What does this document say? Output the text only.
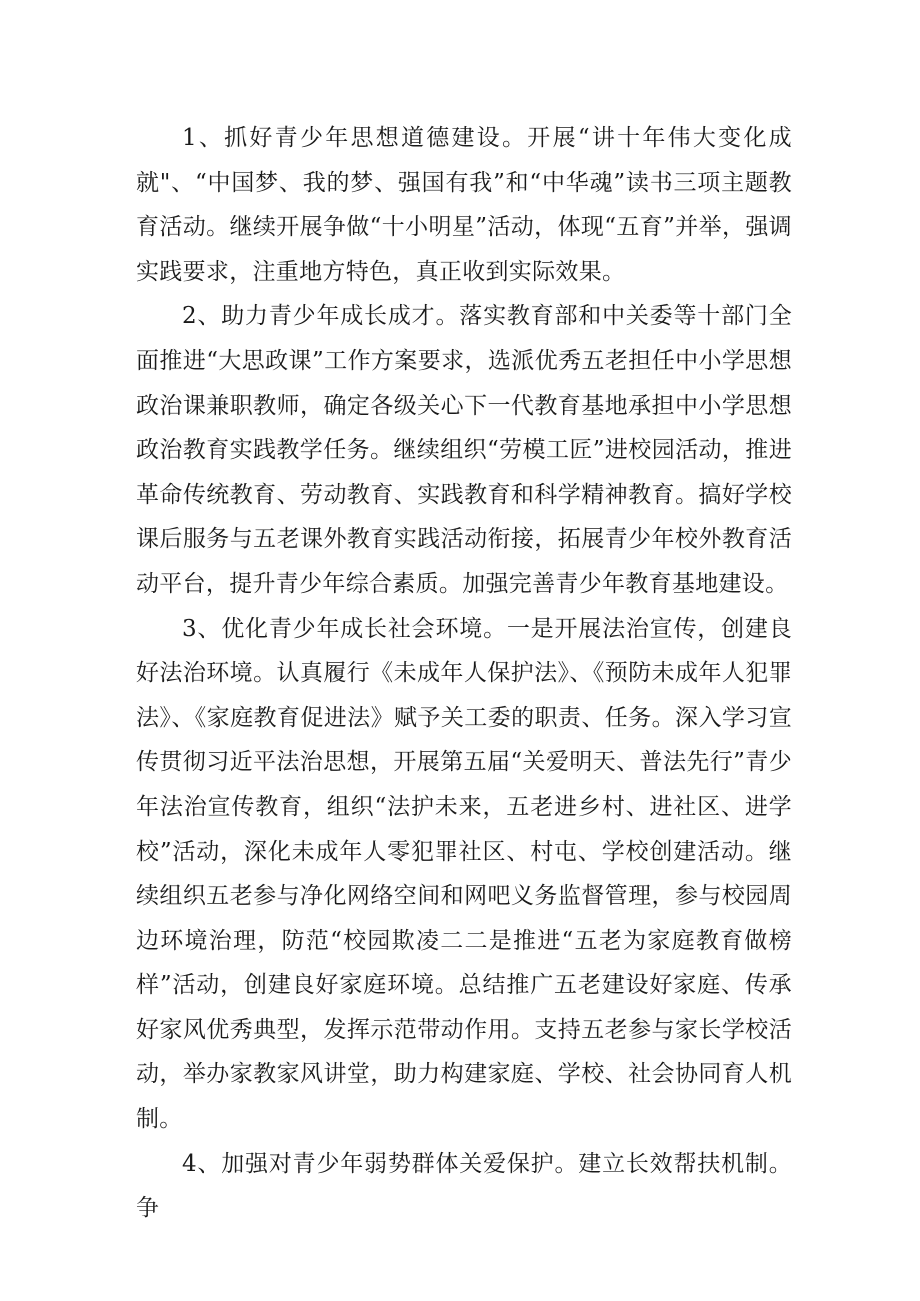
1、抓好青少年思想道德建设。开展“讲十年伟大变化成就"、“中国梦、我的梦、强国有我”和“中华魂”读书三项主题教育活动。继续开展争做“十小明星”活动，体现“五育”并举，强调实践要求，注重地方特色，真正收到实际效果。

2、助力青少年成长成才。落实教育部和中关委等十部门全面推进“大思政课”工作方案要求，选派优秀五老担任中小学思想政治课兼职教师，确定各级关心下一代教育基地承担中小学思想政治教育实践教学任务。继续组织“劳模工匠”进校园活动，推进革命传统教育、劳动教育、实践教育和科学精神教育。搞好学校课后服务与五老课外教育实践活动衔接，拓展青少年校外教育活动平台，提升青少年综合素质。加强完善青少年教育基地建设。

3、优化青少年成长社会环境。一是开展法治宣传，创建良好法治环境。认真履行《未成年人保护法》、《预防未成年人犯罪法》、《家庭教育促进法》赋予关工委的职责、任务。深入学习宣传贯彻习近平法治思想，开展第五届“关爱明天、普法先行”青少年法治宣传教育，组织“法护未来，五老进乡村、进社区、进学校”活动，深化未成年人零犯罪社区、村屯、学校创建活动。继续组织五老参与净化网络空间和网吧义务监督管理，参与校园周边环境治理，防范“校园欺凌二二是推进“五老为家庭教育做榜样”活动，创建良好家庭环境。总结推广五老建设好家庭、传承好家风优秀典型，发挥示范带动作用。支持五老参与家长学校活动，举办家教家风讲堂，助力构建家庭、学校、社会协同育人机制。

4、加强对青少年弱势群体关爱保护。建立长效帮扶机制。争
